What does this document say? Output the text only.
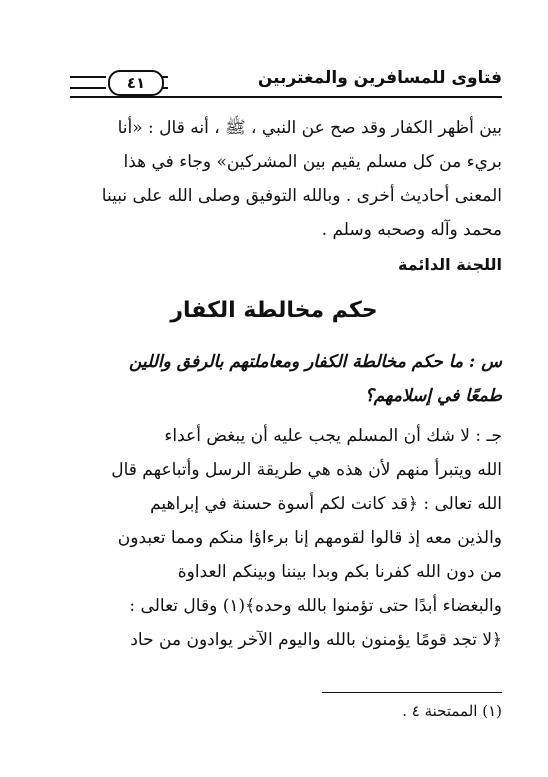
٤١	فتاوى للمسافرين والمغتربين
بين أظهر الكفار وقد صح عن النبي ، ﷺ ، أنه قال : «أنا
بريء من كل مسلم يقيم بين المشركين» وجاء في هذا
المعنى أحاديث أخرى . وبالله التوفيق وصلى الله على نبينا
محمد وآله وصحبه وسلم .
اللجنة الدائمة
حكم مخالطة الكفار
س : ما حكم مخالطة الكفار ومعاملتهم بالرفق واللين
طمعًا في إسلامهم؟
جـ : لا شك أن المسلم يجب عليه أن يبغض أعداء
الله ويتبرأ منهم لأن هذه هي طريقة الرسل وأتباعهم قال
الله تعالى : ﴿قد كانت لكم أسوة حسنة في إبراهيم
والذين معه إذ قالوا لقومهم إنا برءاؤا منكم ومما تعبدون
من دون الله كفرنا بكم وبدا بيننا وبينكم العداوة
والبغضاء أبدًا حتى تؤمنوا بالله وحده﴾(١) وقال تعالى :
﴿لا تجد قومًا يؤمنون بالله واليوم الآخر يوادون من حاد
(١) الممتحنة ٤ .
